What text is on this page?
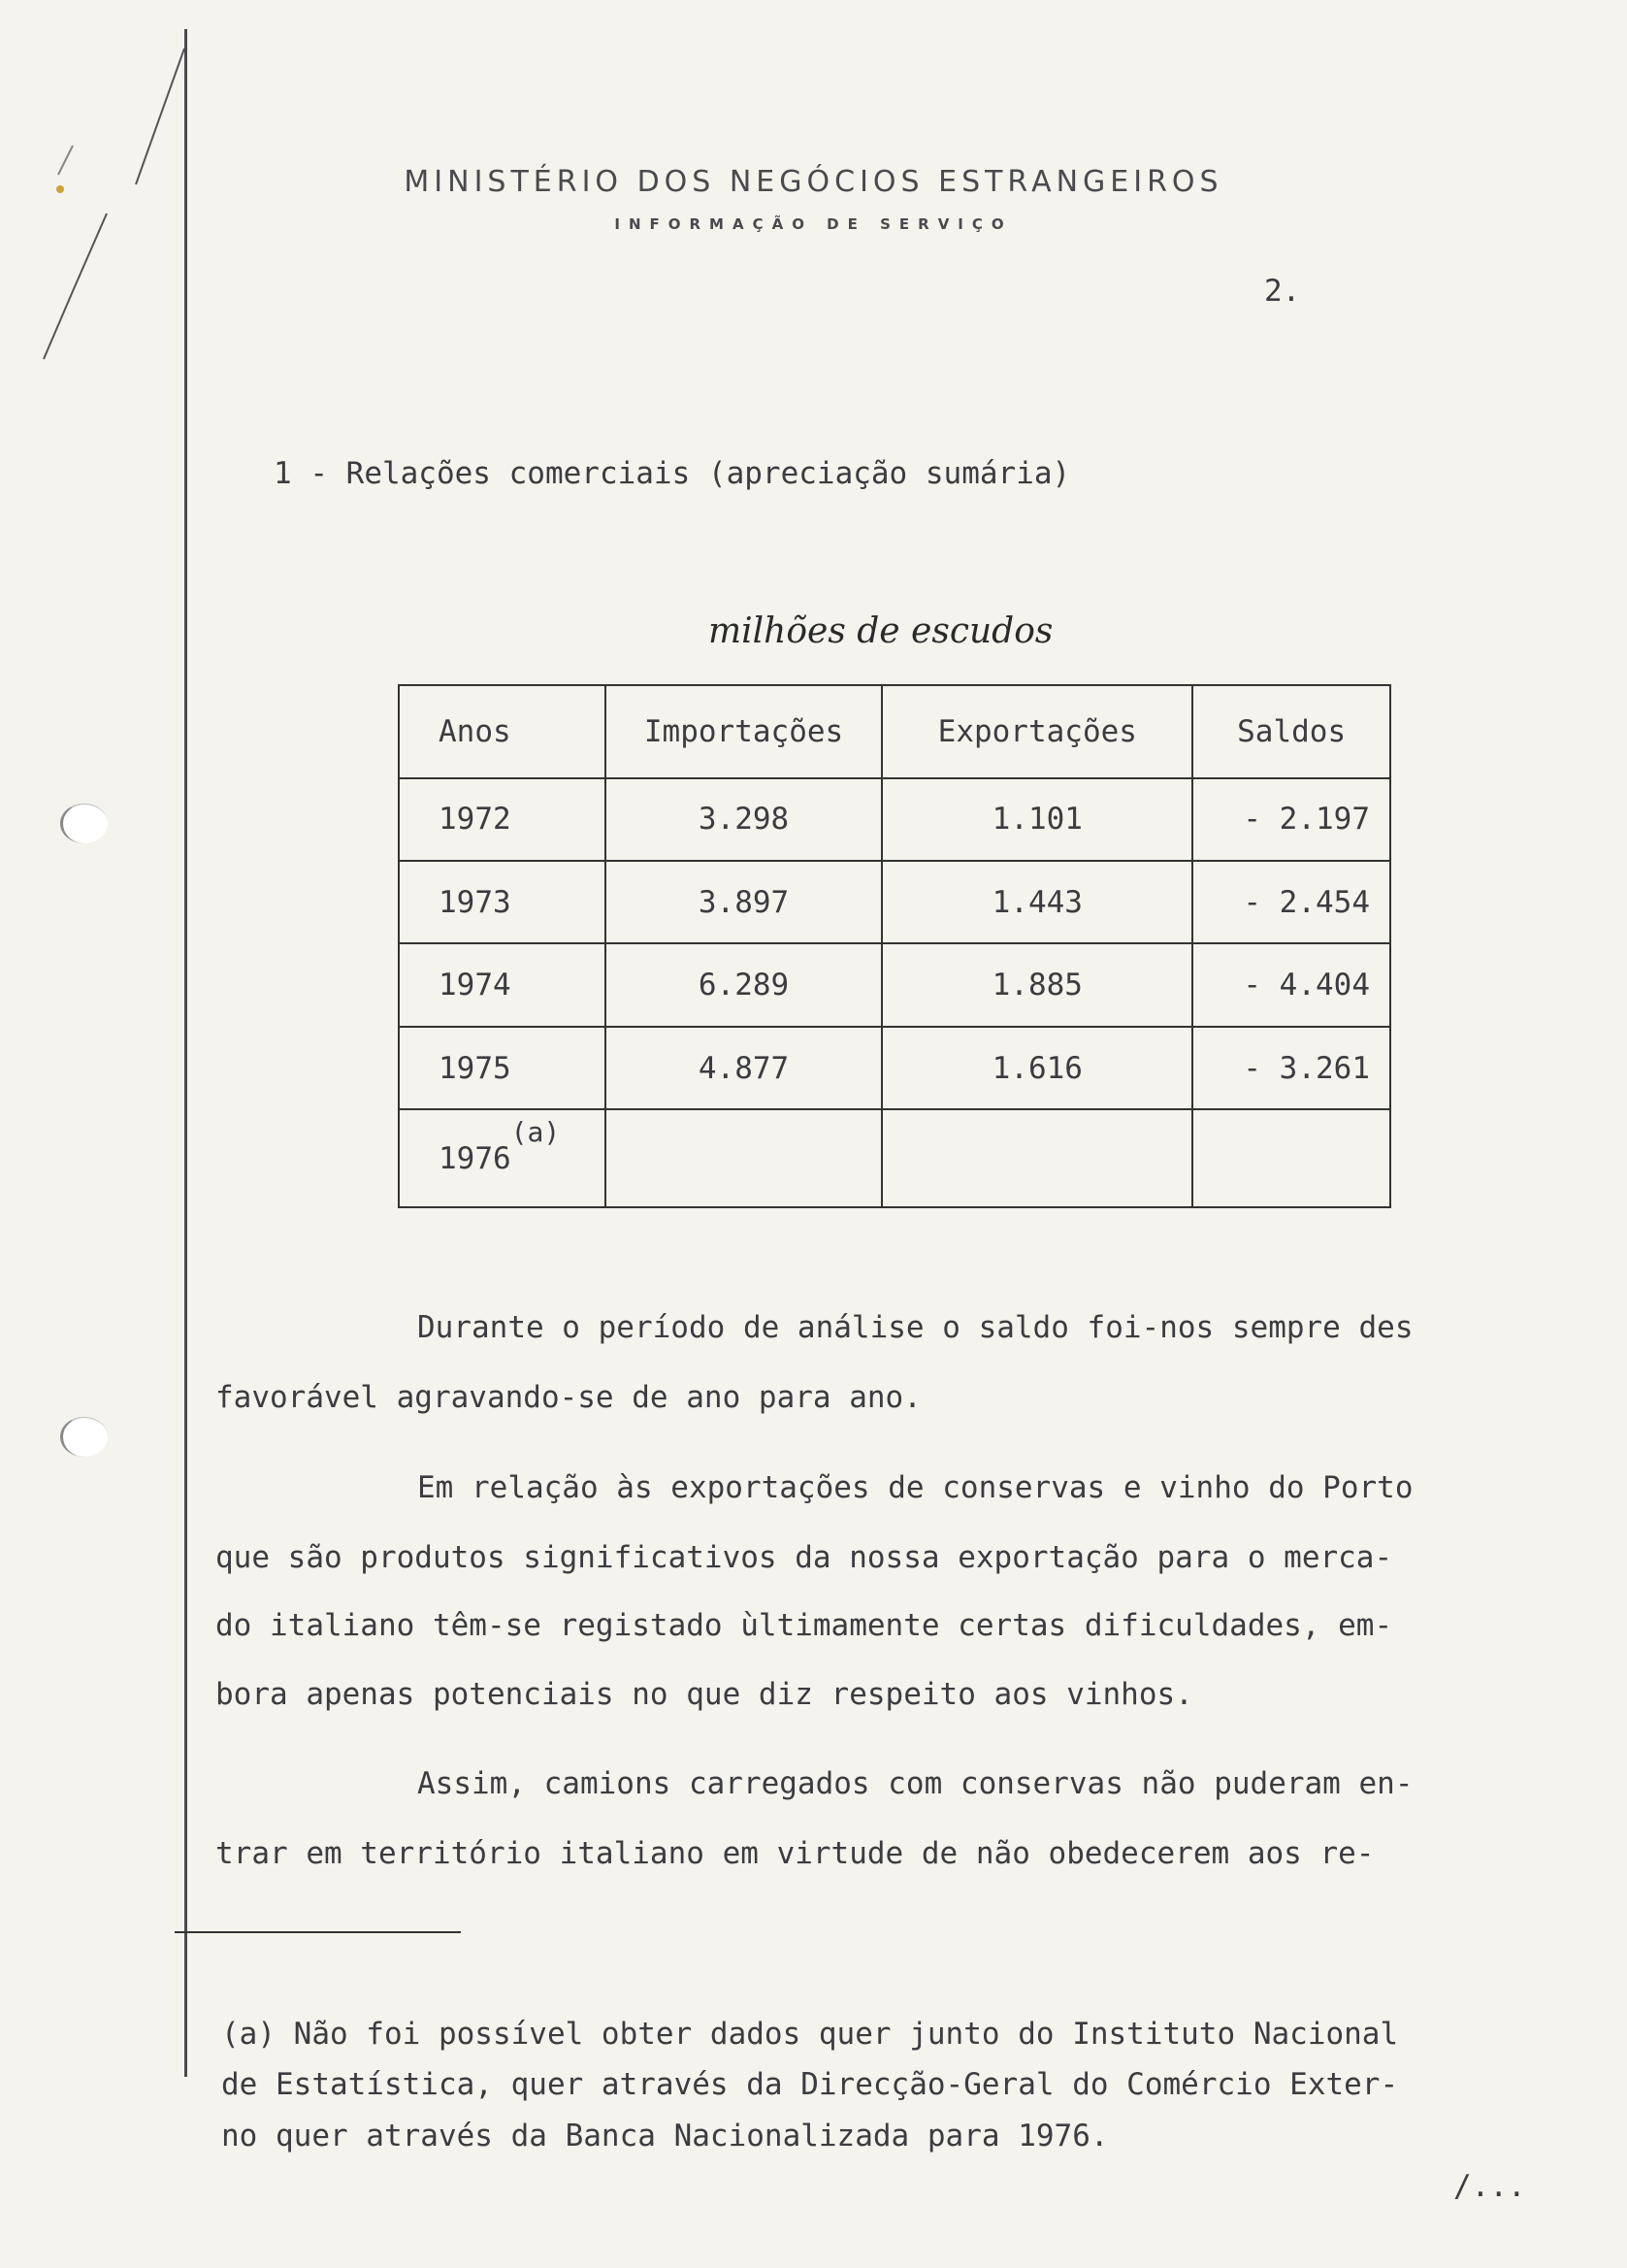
MINISTÉRIO DOS NEGÓCIOS ESTRANGEIROS
INFORMAÇÃO DE SERVIÇO
2.
1 - Relações comerciais (apreciação sumária)
milhões de escudos
Anos	Importações	Exportações	Saldos
1972	3.298	1.101	- 2.197
1973	3.897	1.443	- 2.454
1974	6.289	1.885	- 4.404
1975	4.877	1.616	- 3.261
1976(a)			
Durante o período de análise o saldo foi-nos sempre des
favorável agravando-se de ano para ano.
Em relação às exportações de conservas e vinho do Porto
que são produtos significativos da nossa exportação para o merca-
do italiano têm-se registado ùltimamente certas dificuldades, em-
bora apenas potenciais no que diz respeito aos vinhos.
Assim, camions carregados com conservas não puderam en-
trar em território italiano em virtude de não obedecerem aos re-
(a) Não foi possível obter dados quer junto do Instituto Nacional
de Estatística, quer através da Direcção-Geral do Comércio Exter-
no quer através da Banca Nacionalizada para 1976.
/...
